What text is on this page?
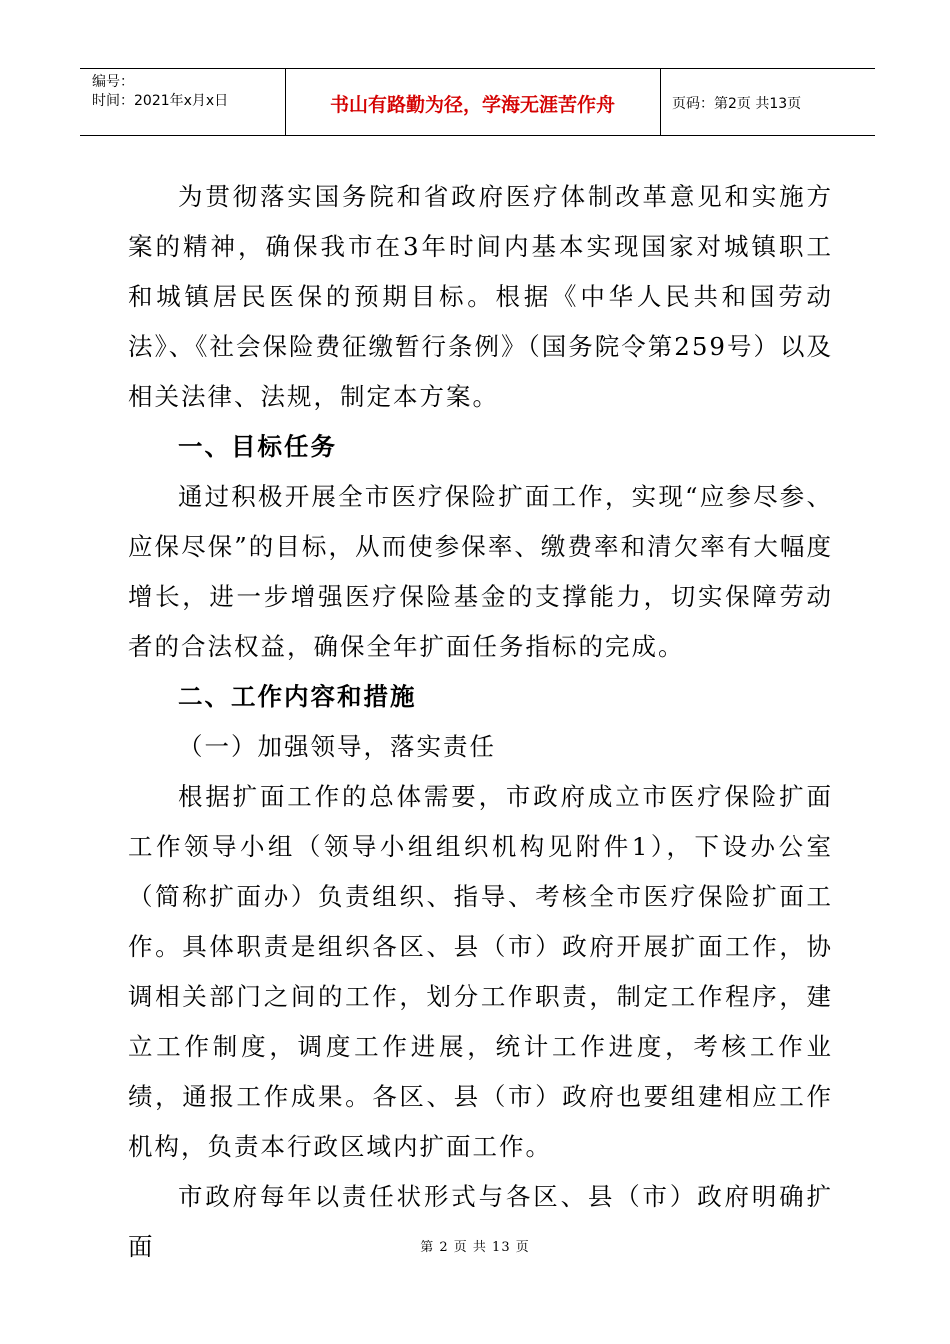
编号：
时间：2021年x月x日	书山有路勤为径，学海无涯苦作舟	页码：第2页 共13页

为贯彻落实国务院和省政府医疗体制改革意见和实施方案的精神，确保我市在3年时间内基本实现国家对城镇职工和城镇居民医保的预期目标。根据《中华人民共和国劳动法》、《社会保险费征缴暂行条例》（国务院令第259号）以及相关法律、法规，制定本方案。

一、目标任务

通过积极开展全市医疗保险扩面工作，实现“应参尽参、应保尽保”的目标，从而使参保率、缴费率和清欠率有大幅度增长，进一步增强医疗保险基金的支撑能力，切实保障劳动者的合法权益，确保全年扩面任务指标的完成。

二、工作内容和措施

（一）加强领导，落实责任

根据扩面工作的总体需要，市政府成立市医疗保险扩面工作领导小组（领导小组组织机构见附件1），下设办公室（简称扩面办）负责组织、指导、考核全市医疗保险扩面工作。具体职责是组织各区、县（市）政府开展扩面工作，协调相关部门之间的工作，划分工作职责，制定工作程序，建立工作制度，调度工作进展，统计工作进度，考核工作业绩，通报工作成果。各区、县（市）政府也要组建相应工作机构，负责本行政区域内扩面工作。

市政府每年以责任状形式与各区、县（市）政府明确扩面	第 2 页 共 13 页
